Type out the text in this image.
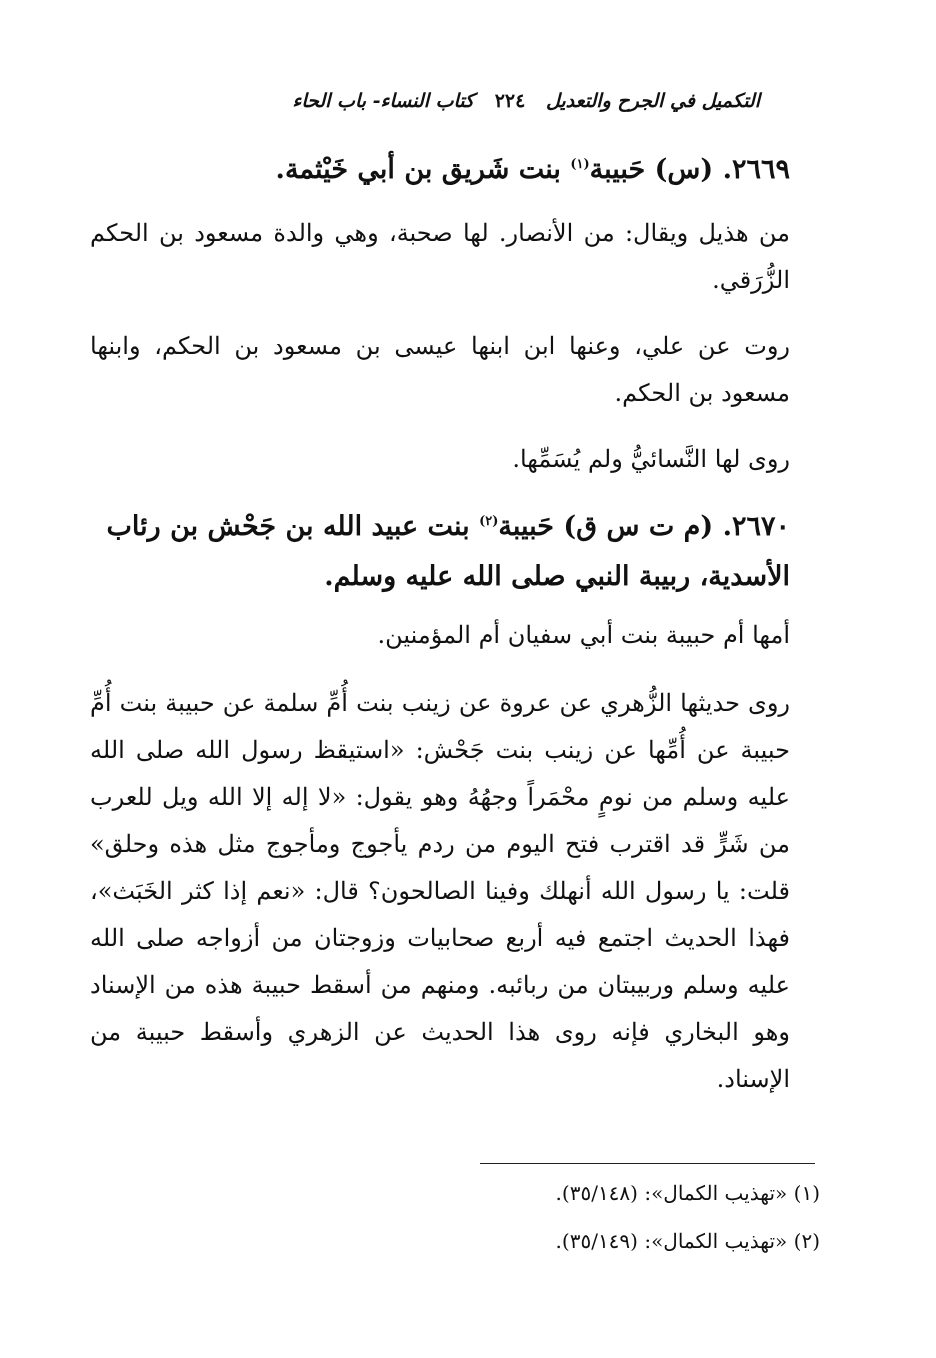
التكميل في الجرح والتعديل ٢٢٤ كتاب النساء- باب الحاء
٢٦٦٩. (س) حَبيبة$^{(١)}$ بنت شَريق بن أبي خَيْثمة.
من هذيل ويقال: من الأنصار. لها صحبة، وهي والدة مسعود بن الحكم الزُّرَقي.
روت عن علي، وعنها ابن ابنها عيسى بن مسعود بن الحكم، وابنها مسعود بن الحكم.
روى لها النَّسائيُّ ولم يُسَمِّها.
٢٦٧٠. (م ت س ق) حَبيبة$^{(٢)}$ بنت عبيد الله بن جَحْش بن رئاب الأسدية، ربيبة النبي صلى الله عليه وسلم.
أمها أم حبيبة بنت أبي سفيان أم المؤمنين.
روى حديثها الزُّهري عن عروة عن زينب بنت أُمِّ سلمة عن حبيبة بنت أُمِّ حبيبة عن أُمِّها عن زينب بنت جَحْش: «استيقظ رسول الله صلى الله عليه وسلم من نومٍ محْمَراً وجهُهُ وهو يقول: «لا إله إلا الله ويل للعرب من شَرٍّ قد اقترب فتح اليوم من ردم يأجوج ومأجوج مثل هذه وحلق» قلت: يا رسول الله أنهلك وفينا الصالحون؟ قال: «نعم إذا كثر الخَبَث»، فهذا الحديث اجتمع فيه أربع صحابيات وزوجتان من أزواجه صلى الله عليه وسلم وربيبتان من ربائبه. ومنهم من أسقط حبيبة هذه من الإسناد وهو البخاري فإنه روى هذا الحديث عن الزهري وأسقط حبيبة من الإسناد.
(١) «تهذيب الكمال»: (٣٥/١٤٨).
(٢) «تهذيب الكمال»: (٣٥/١٤٩).
